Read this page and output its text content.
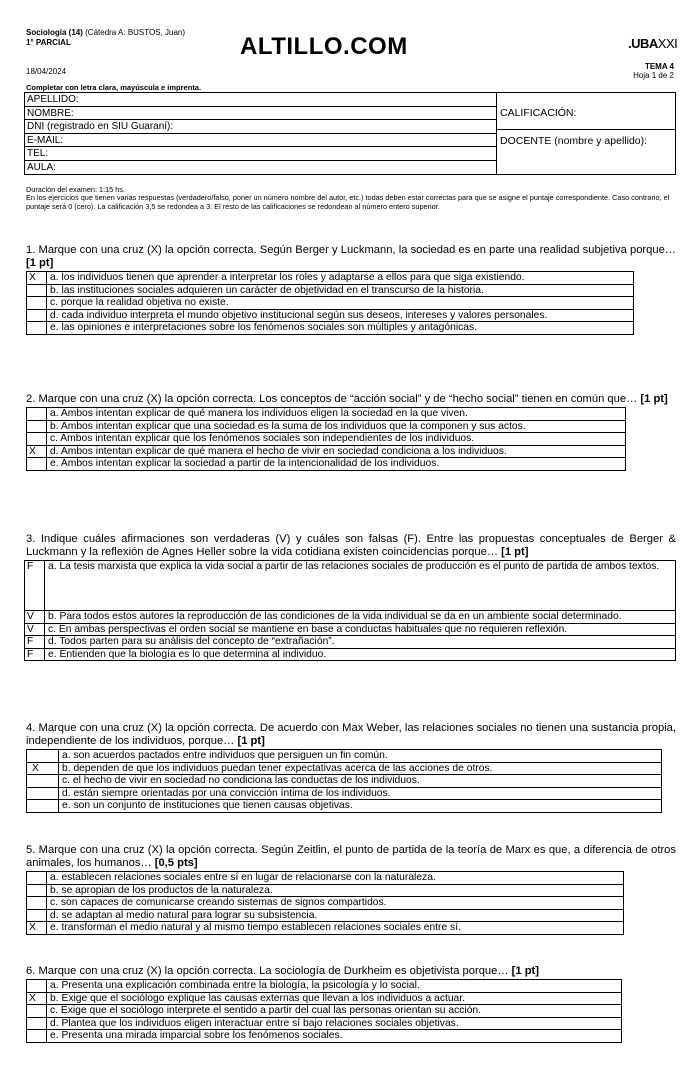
Sociología (14) (Cátedra A: BUSTOS, Juan)
1° PARCIAL	ALTILLO.COM	.UBAXXI
18/04/2024
TEMA 4
Hoja 1 de 2
Completar con letra clara, mayúscula e imprenta.
APELLIDO:
NOMBRE:
DNI (registrado en SIU Guaraní):
E-MAIL:
TEL:
AULA:
CALIFICACIÓN:
DOCENTE (nombre y apellido):
Duración del examen: 1:15 hs.
En los ejercicios que tienen varias respuestas (verdadero/falso, poner un número nombre del autor, etc.) todas deben estar correctas para que se asigne el puntaje correspondiente. Caso contrario, el puntaje será 0 (cero). La calificación 3,5 se redondea a 3. El resto de las calificaciones se redondean al número entero superior.
1. Marque con una cruz (X) la opción correcta. Según Berger y Luckmann, la sociedad es en parte una realidad subjetiva porque… [1 pt]
X	a. los individuos tienen que aprender a interpretar los roles y adaptarse a ellos para que siga existiendo.
	b. las instituciones sociales adquieren un carácter de objetividad en el transcurso de la historia.
	c. porque la realidad objetiva no existe.
	d. cada individuo interpreta el mundo objetivo institucional según sus deseos, intereses y valores personales.
	e. las opiniones e interpretaciones sobre los fenómenos sociales son múltiples y antagónicas.
2. Marque con una cruz (X) la opción correcta. Los conceptos de “acción social” y de “hecho social” tienen en común que… [1 pt]
	a. Ambos intentan explicar de qué manera los individuos eligen la sociedad en la que viven.
	b. Ambos intentan explicar que una sociedad es la suma de los individuos que la componen y sus actos.
	c. Ambos intentan explicar que los fenómenos sociales son independientes de los individuos.
X	d. Ambos intentan explicar de qué manera el hecho de vivir en sociedad condiciona a los individuos.
	e. Ambos intentan explicar la sociedad a partir de la intencionalidad de los individuos.
3. Indique cuáles afirmaciones son verdaderas (V) y cuáles son falsas (F). Entre las propuestas conceptuales de Berger & Luckmann y la reflexión de Agnes Heller sobre la vida cotidiana existen coincidencias porque… [1 pt]
F	a. La tesis marxista que explica la vida social a partir de las relaciones sociales de producción es el punto de partida de ambos textos.
V	b. Para todos estos autores la reproducción de las condiciones de la vida individual se da en un ambiente social determinado.
V	c. En ambas perspectivas el orden social se mantiene en base a conductas habituales que no requieren reflexión.
F	d. Todos parten para su análisis del concepto de “extrañación”.
F	e. Entienden que la biología es lo que determina al individuo.
4. Marque con una cruz (X) la opción correcta. De acuerdo con Max Weber, las relaciones sociales no tienen una sustancia propia, independiente de los individuos, porque… [1 pt]
	a. son acuerdos pactados entre individuos que persiguen un fin común.
X	b. dependen de que los individuos puedan tener expectativas acerca de las acciones de otros.
	c. el hecho de vivir en sociedad no condiciona las conductas de los individuos.
	d. están siempre orientadas por una convicción íntima de los individuos.
	e. son un conjunto de instituciones que tienen causas objetivas.
5. Marque con una cruz (X) la opción correcta. Según Zeitlin, el punto de partida de la teoría de Marx es que, a diferencia de otros animales, los humanos… [0,5 pts]
	a. establecen relaciones sociales entre sí en lugar de relacionarse con la naturaleza.
	b. se apropian de los productos de la naturaleza.
	c. son capaces de comunicarse creando sistemas de signos compartidos.
	d. se adaptan al medio natural para lograr su subsistencia.
X	e. transforman el medio natural y al mismo tiempo establecen relaciones sociales entre sí.
6. Marque con una cruz (X) la opción correcta. La sociología de Durkheim es objetivista porque… [1 pt]
	a. Presenta una explicación combinada entre la biología, la psicología y lo social.
X	b. Exige que el sociólogo explique las causas externas que llevan a los individuos a actuar.
	c. Exige que el sociólogo interprete el sentido a partir del cual las personas orientan su acción.
	d. Plantea que los individuos eligen interactuar entre sí bajo relaciones sociales objetivas.
	e. Presenta una mirada imparcial sobre los fenómenos sociales.
